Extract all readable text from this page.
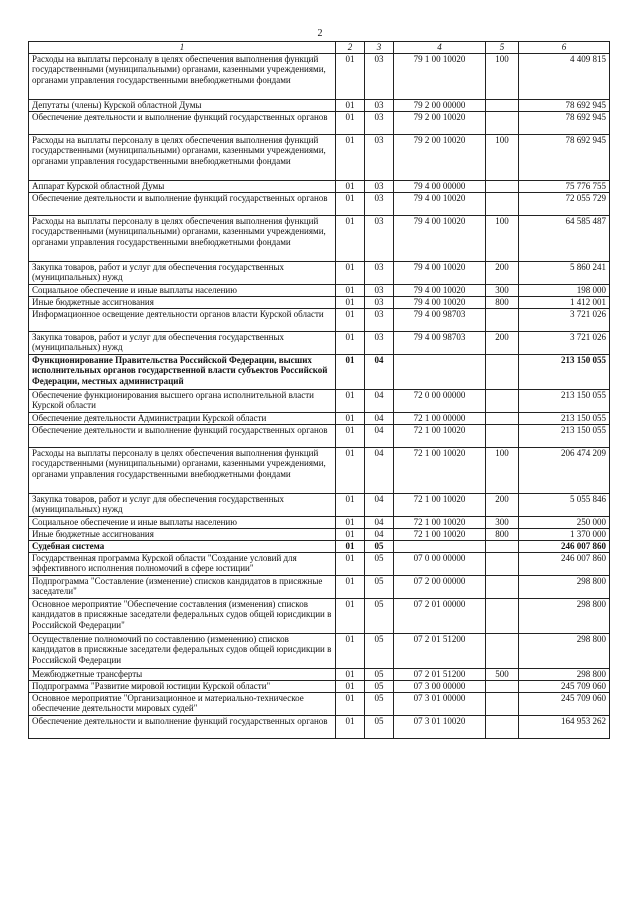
2
1	2	3	4	5	6
Расходы на выплаты персоналу в целях обеспечения выполнения функций государственными (муниципальными) органами, казенными учреждениями, органами управления государственными внебюджетными фондами	01	03	79 1 00 10020	100	4 409 815
Депутаты (члены) Курской областной Думы	01	03	79 2 00 00000		78 692 945
Обеспечение деятельности и выполнение функций государственных органов	01	03	79 2 00 10020		78 692 945
Расходы на выплаты персоналу в целях обеспечения выполнения функций государственными (муниципальными) органами, казенными учреждениями, органами управления государственными внебюджетными фондами	01	03	79 2 00 10020	100	78 692 945
Аппарат Курской областной Думы	01	03	79 4 00 00000		75 776 755
Обеспечение деятельности и выполнение функций государственных органов	01	03	79 4 00 10020		72 055 729
Расходы на выплаты персоналу в целях обеспечения выполнения функций государственными (муниципальными) органами, казенными учреждениями, органами управления государственными внебюджетными фондами	01	03	79 4 00 10020	100	64 585 487
Закупка товаров, работ и услуг для обеспечения государственных (муниципальных) нужд	01	03	79 4 00 10020	200	5 860 241
Социальное обеспечение и иные выплаты населению	01	03	79 4 00 10020	300	198 000
Иные бюджетные ассигнования	01	03	79 4 00 10020	800	1 412 001
Информационное освещение деятельности органов власти Курской области	01	03	79 4 00 98703		3 721 026
Закупка товаров, работ и услуг для обеспечения государственных (муниципальных) нужд	01	03	79 4 00 98703	200	3 721 026
Функционирование Правительства Российской Федерации, высших исполнительных органов государственной власти субъектов Российской Федерации, местных администраций	01	04			213 150 055
Обеспечение функционирования высшего органа исполнительной власти Курской области	01	04	72 0 00 00000		213 150 055
Обеспечение деятельности Администрации Курской области	01	04	72 1 00 00000		213 150 055
Обеспечение деятельности и выполнение функций государственных органов	01	04	72 1 00 10020		213 150 055
Расходы на выплаты персоналу в целях обеспечения выполнения функций государственными (муниципальными) органами, казенными учреждениями, органами управления государственными внебюджетными фондами	01	04	72 1 00 10020	100	206 474 209
Закупка товаров, работ и услуг для обеспечения государственных (муниципальных) нужд	01	04	72 1 00 10020	200	5 055 846
Социальное обеспечение и иные выплаты населению	01	04	72 1 00 10020	300	250 000
Иные бюджетные ассигнования	01	04	72 1 00 10020	800	1 370 000
Судебная система	01	05			246 007 860
Государственная программа Курской области "Создание условий для эффективного исполнения полномочий в сфере юстиции"	01	05	07 0 00 00000		246 007 860
Подпрограмма "Составление (изменение) списков кандидатов в присяжные заседатели"	01	05	07 2 00 00000		298 800
Основное мероприятие "Обеспечение составления (изменения) списков кандидатов в присяжные заседатели федеральных судов общей юрисдикции в Российской Федерации"	01	05	07 2 01 00000		298 800
Осуществление полномочий по составлению (изменению) списков кандидатов в присяжные заседатели федеральных судов общей юрисдикции в Российской Федерации	01	05	07 2 01 51200		298 800
Межбюджетные трансферты	01	05	07 2 01 51200	500	298 800
Подпрограмма "Развитие мировой юстиции Курской области"	01	05	07 3 00 00000		245 709 060
Основное мероприятие "Организационное и материально-техническое обеспечение деятельности мировых судей"	01	05	07 3 01 00000		245 709 060
Обеспечение деятельности и выполнение функций государственных органов	01	05	07 3 01 10020		164 953 262
